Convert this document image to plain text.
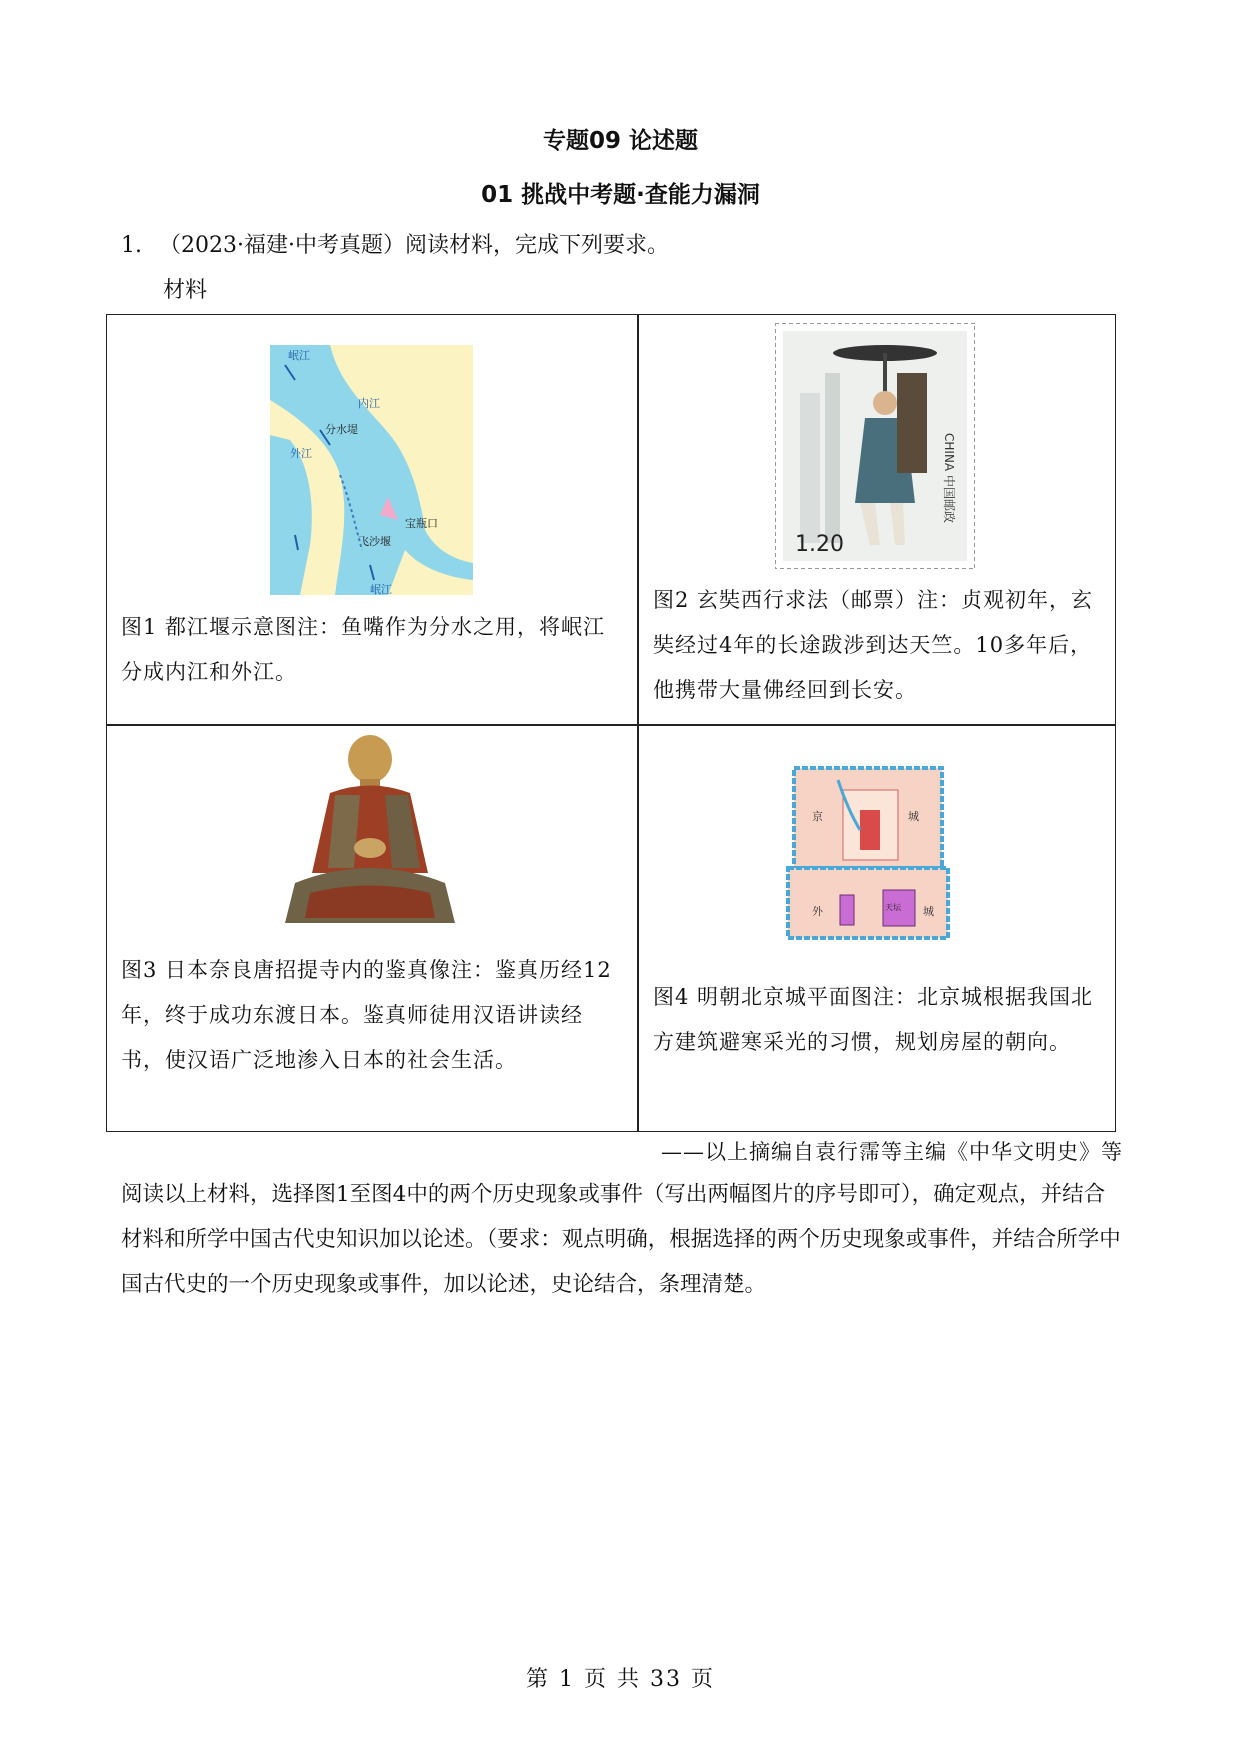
专题09 论述题
01 挑战中考题·查能力漏洞
1. （2023·福建·中考真题）阅读材料，完成下列要求。
材料
岷江
内江
外江
分水堤
宝瓶口
飞沙堰
岷江
图1 都江堰示意图注：鱼嘴作为分水之用，将岷江分成内江和外江。
1.20
CHINA 中国邮政
图2 玄奘西行求法（邮票）注：贞观初年，玄奘经过4年的长途跋涉到达天竺。10多年后，他携带大量佛经回到长安。
图3 日本奈良唐招提寺内的鉴真像注：鉴真历经12年，终于成功东渡日本。鉴真师徒用汉语讲读经书，使汉语广泛地渗入日本的社会生活。
京	城
外	城
天坛
图4 明朝北京城平面图注：北京城根据我国北方建筑避寒采光的习惯，规划房屋的朝向。
——以上摘编自袁行霈等主编《中华文明史》等
阅读以上材料，选择图1至图4中的两个历史现象或事件（写出两幅图片的序号即可），确定观点，并结合材料和所学中国古代史知识加以论述。（要求：观点明确，根据选择的两个历史现象或事件，并结合所学中国古代史的一个历史现象或事件，加以论述，史论结合，条理清楚。
第 1 页 共 33 页
